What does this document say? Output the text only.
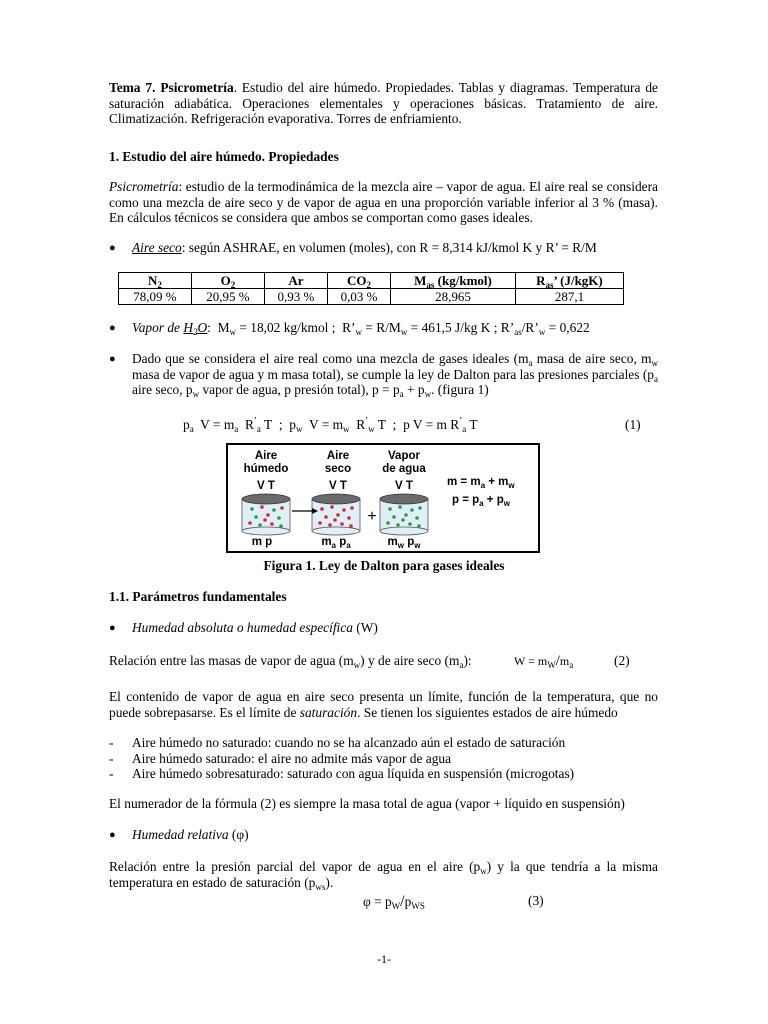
Tema 7. Psicrometría. Estudio del aire húmedo. Propiedades. Tablas y diagramas. Temperatura de saturación adiabática. Operaciones elementales y operaciones básicas. Tratamiento de aire. Climatización. Refrigeración evaporativa. Torres de enfriamiento.

1. Estudio del aire húmedo. Propiedades

Psicrometría: estudio de la termodinámica de la mezcla aire – vapor de agua. El aire real se considera como una mezcla de aire seco y de vapor de agua en una proporción variable inferior al 3 % (masa). En cálculos técnicos se considera que ambos se comportan como gases ideales.

●	Aire seco: según ASHRAE, en volumen (moles), con R = 8,314 kJ/kmol K y R’ = R/M
$N_2$	$O_2$	Ar	$CO_2$	$M_{as}$ (kg/kmol)	$R_{as}$’ (J/kgK)
78,09 %	20,95 %	0,93 %	0,03 %	28,965	287,1
●	Vapor de $H_2O$:  $M_w = 18,02$ kg/kmol ;  $R’_w = R/M_w = 461,5$ J/kg K ; $R’_{as}/R’_w = 0,622$
●	Dado que se considera el aire real como una mezcla de gases ideales ($m_a$ masa de aire seco, $m_w$ masa de vapor de agua y m masa total), se cumple la ley de Dalton para las presiones parciales ($p_a$ aire seco, $p_w$ vapor de agua, p presión total), $p = p_a + p_w$. (figura 1)
$p_a$  $V = m_a$  $R^’_a$ T  ;  $p_w$  $V = m_w$  $R^’_w$ T  ;  p V = m $R^’_a$ T	(1)
Aire
húmedo
Aire
seco
Vapor
de agua
V T	V T	V T
+
m p	$m_a$ $p_a$	$m_w$ $p_w$
$m = m_a + m_w$
$p = p_a + p_w$
Figura 1. Ley de Dalton para gases ideales

1.1. Parámetros fundamentales

●	Humedad absoluta o humedad específica (W)

Relación entre las masas de vapor de agua $(m_w)$ y de aire seco $(m_a)$:	$W = m_W/m_a$	(2)

El contenido de vapor de agua en aire seco presenta un límite, función de la temperatura, que no puede sobrepasarse. Es el límite de saturación. Se tienen los siguientes estados de aire húmedo

-	Aire húmedo no saturado: cuando no se ha alcanzado aún el estado de saturación
-	Aire húmedo saturado: el aire no admite más vapor de agua
-	Aire húmedo sobresaturado: saturado con agua líquida en suspensión (microgotas)

El numerador de la fórmula (2) es siempre la masa total de agua (vapor + líquido en suspensión)

●	Humedad relativa (φ)

Relación entre la presión parcial del vapor de agua en el aire $(p_w)$ y la que tendría a la misma temperatura en estado de saturación $(p_{ws})$.

$\varphi = p_W/p_{WS}$	(3)
-1-
